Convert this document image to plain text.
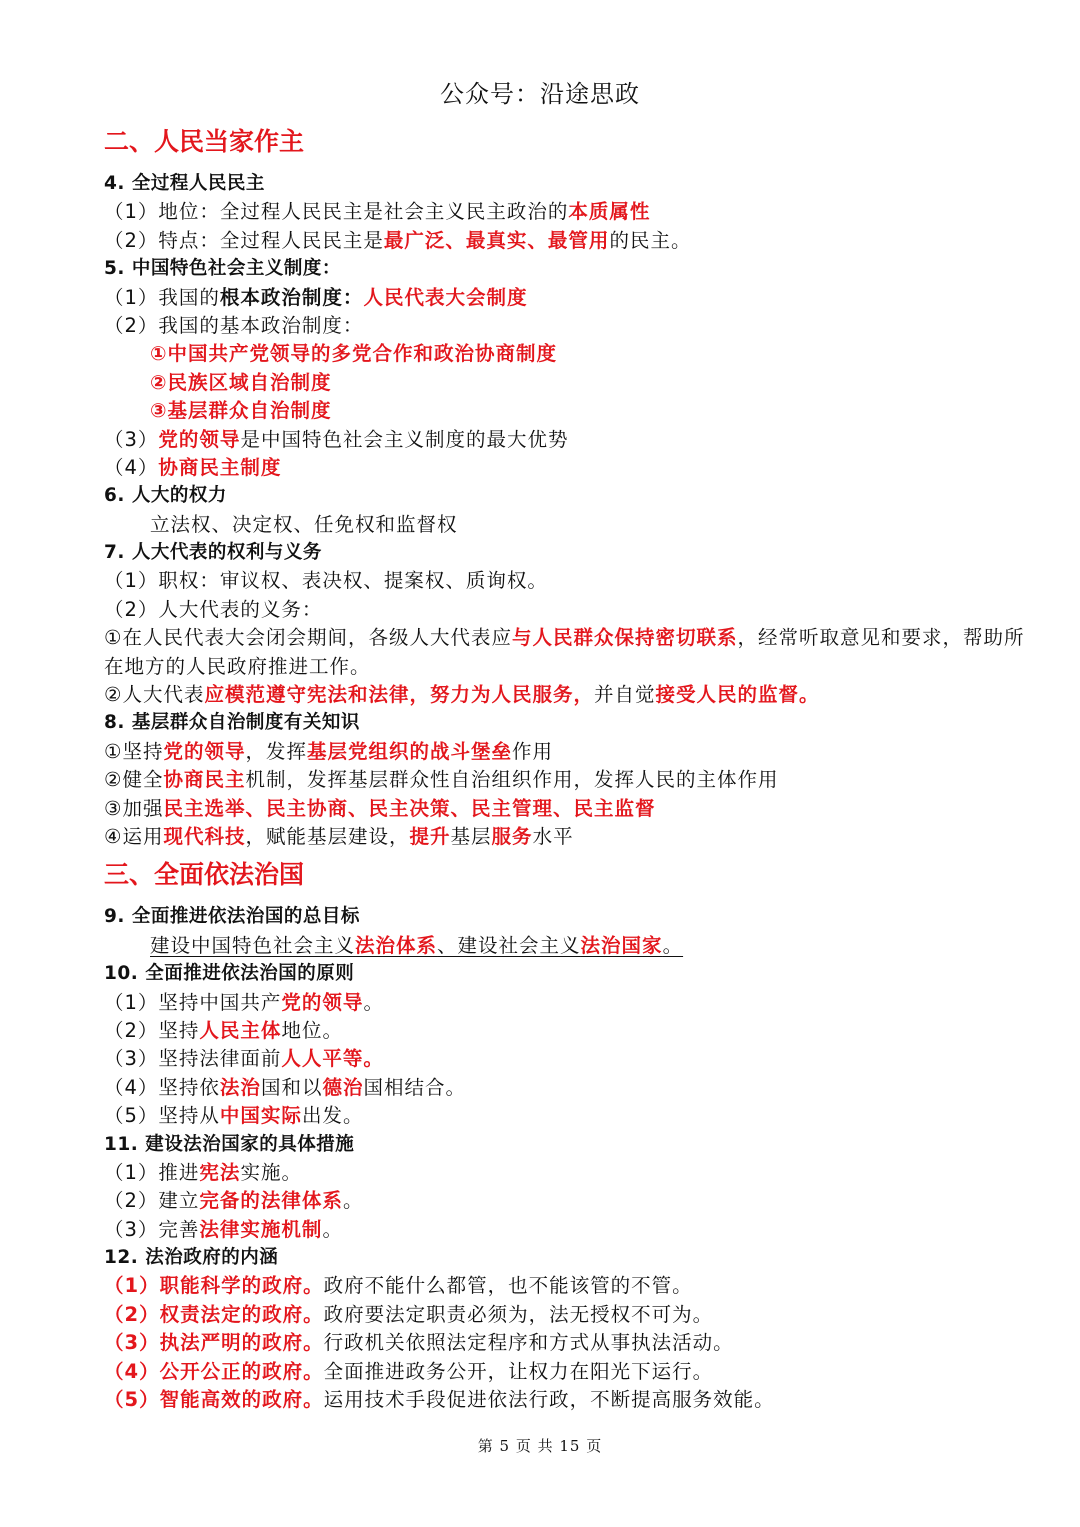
公众号：沿途思政
二、人民当家作主
4. 全过程人民民主
（1）地位：全过程人民民主是社会主义民主政治的本质属性
（2）特点：全过程人民民主是最广泛、最真实、最管用的民主。
5. 中国特色社会主义制度：
（1）我国的根本政治制度：人民代表大会制度
（2）我国的基本政治制度：
①中国共产党领导的多党合作和政治协商制度
②民族区域自治制度
③基层群众自治制度
（3）党的领导是中国特色社会主义制度的最大优势
（4）协商民主制度
6. 人大的权力
立法权、决定权、任免权和监督权
7. 人大代表的权利与义务
（1）职权：审议权、表决权、提案权、质询权。
（2）人大代表的义务：
①在人民代表大会闭会期间，各级人大代表应与人民群众保持密切联系，经常听取意见和要求，帮助所在地方的人民政府推进工作。
②人大代表应模范遵守宪法和法律，努力为人民服务，并自觉接受人民的监督。
8. 基层群众自治制度有关知识
①坚持党的领导，发挥基层党组织的战斗堡垒作用
②健全协商民主机制，发挥基层群众性自治组织作用，发挥人民的主体作用
③加强民主选举、民主协商、民主决策、民主管理、民主监督
④运用现代科技，赋能基层建设，提升基层服务水平
三、全面依法治国
9. 全面推进依法治国的总目标
建设中国特色社会主义法治体系、建设社会主义法治国家。
10. 全面推进依法治国的原则
（1）坚持中国共产党的领导。
（2）坚持人民主体地位。
（3）坚持法律面前人人平等。
（4）坚持依法治国和以德治国相结合。
（5）坚持从中国实际出发。
11. 建设法治国家的具体措施
（1）推进宪法实施。
（2）建立完备的法律体系。
（3）完善法律实施机制。
12. 法治政府的内涵
（1）职能科学的政府。政府不能什么都管，也不能该管的不管。
（2）权责法定的政府。政府要法定职责必须为，法无授权不可为。
（3）执法严明的政府。行政机关依照法定程序和方式从事执法活动。
（4）公开公正的政府。全面推进政务公开，让权力在阳光下运行。
（5）智能高效的政府。运用技术手段促进依法行政，不断提高服务效能。
第 5 页 共 15 页
